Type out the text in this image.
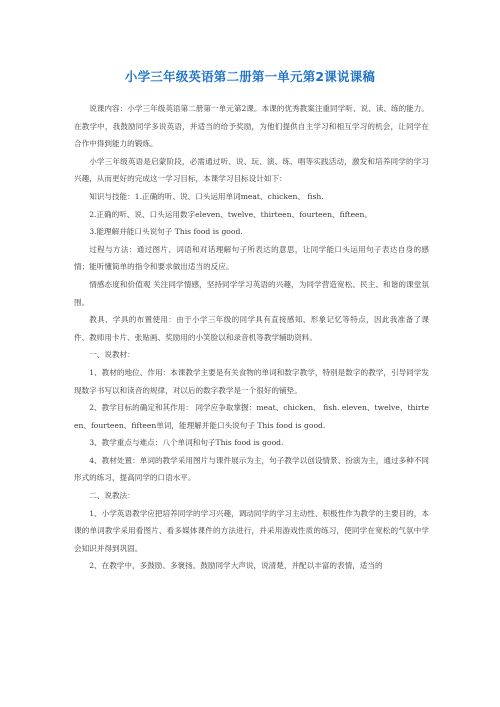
小学三年级英语第二册第一单元第2课说课稿

说课内容：小学三年级英语第二册第一单元第2课。本课的优秀教案注重同学听、说、读、练的能力。在教学中，我鼓励同学多说英语，并适当的给予奖励，为他们提供自主学习和相互学习的机会，让同学在合作中得到能力的锻炼。

小学三年级英语是启蒙阶段，必需通过听、说、玩、演、练、唱等实践活动，激发和培养同学的学习兴趣，从而更好的完成这一学习目标，本课学习目标设计如下：

知识与技能：1.正确的听、说、口头运用单词meat、chicken、 fish.

2.正确的听、说、口头运用数字eleven、twelve、thirteen、fourteen、fifteen。

3.能理解并能口头说句子 This food is good.

过程与方法：通过图片、词语和对话理解句子所表达的意思，让同学能口头运用句子表达自身的感情；能听懂简单的指令和要求做出适当的反应。

情感态度和价值观 关注同学情感，坚持同学学习英语的兴趣，为同学营造宽松、民主、和谐的课堂氛围。

教具、学具的布置使用：由于小学三年级的同学具有直接感知、形象记忆等特点，因此我准备了课件、教师用卡片、张贴画、奖励用的小笑脸以和录音机等教学辅助资料。

一、说教材：

1、教材的地位、作用：本课教学主要是有关食物的单词和数字教学，特别是数字的教学，引导同学发现数字书写以和读音的规律，对以后的数字教学是一个很好的铺垫。

2、教学目标的确定和其作用： 同学应争取掌握：meat、chicken、 fish. eleven、twelve、thirteen、fourteen、fifteen单词，能理解并能口头说句子 This food is good.

3、教学重点与难点：八个单词和句子This food is good.

4、教材处置：单词的教学采用图片与课件展示为主，句子教学以创设情景、扮演为主，通过多种不同形式的练习，提高同学的口语水平。

二、说教法：

1、小学英语教学应把培养同学的学习兴趣，调动同学的学习主动性、积极性作为教学的主要目的，本课的单词教学采用看图片、看多媒体课件的方法进行，并采用游戏性质的练习，使同学在宽松的气氛中学会知识并得到巩固。

2、在教学中，多鼓励、多褒扬。鼓励同学大声说，说清楚，并配以丰富的表情，适当的
